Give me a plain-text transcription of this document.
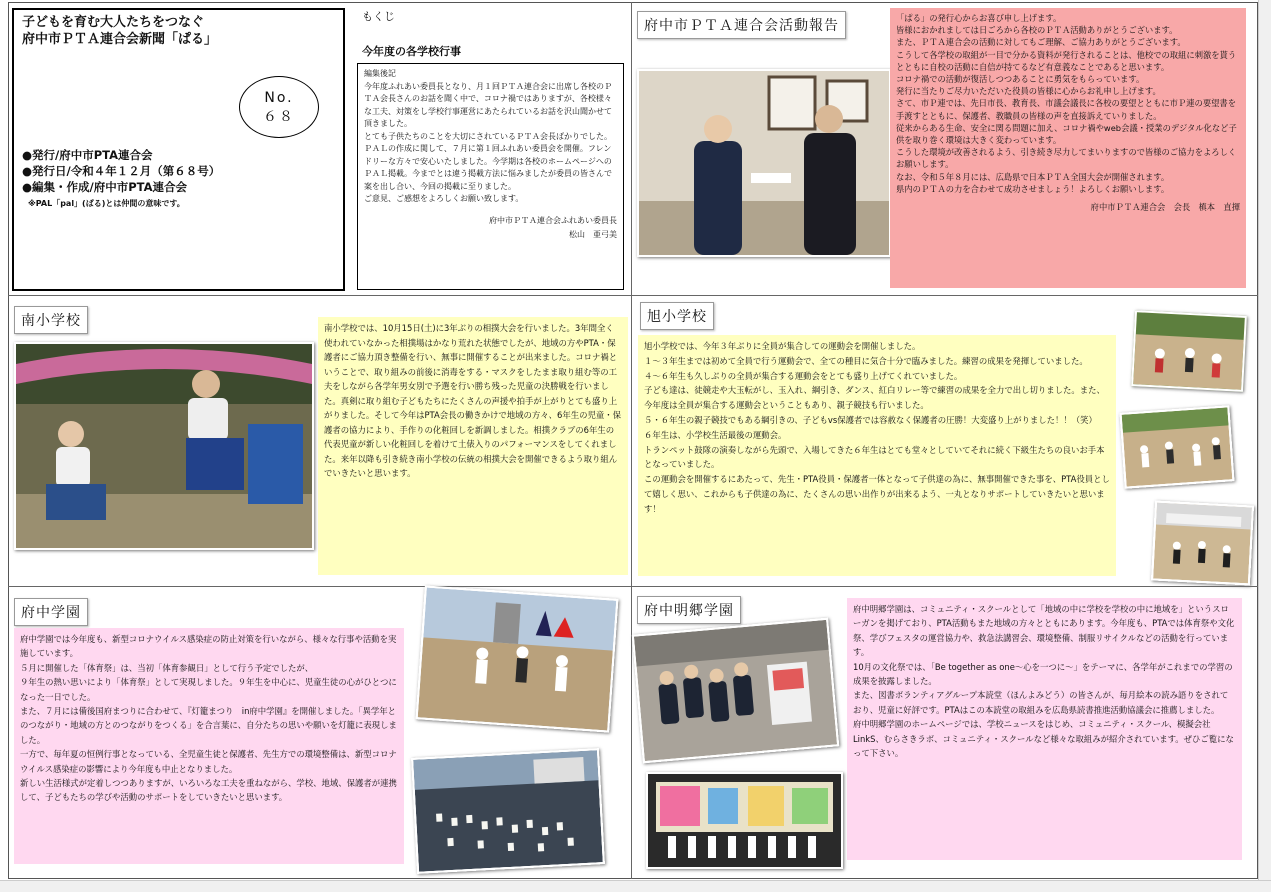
子どもを育む大人たちをつなぐ
府中市ＰＴＡ連合会新聞「ぱる」
No.
６８
●発行/府中市PTA連合会
●発行日/令和４年１２月（第６８号）
●編集・作成/府中市PTA連合会
※PAL「pal」(ぱる)とは仲間の意味です。
もくじ
今年度の各学校行事
編集後記
今年度ふれあい委員長となり、月１回ＰＴＡ連合会に出席し各校のＰＴＡ会長さんのお話を聞く中で、コロナ禍ではありますが、各校様々な工夫、対策をし学校行事運営にあたられているお話を沢山聞かせて頂きました。
とても子供たちのことを大切にされているＰＴＡ会長ばかりでした。
ＰＡＬの作成に関して、７月に第１回ふれあい委員会を開催。フレンドリーな方々で安心いたしました。今学期は各校のホームページへのＰＡＬ掲載。今までとは違う掲載方法に悩みましたが委員の皆さんで案を出し合い、今回の掲載に至りました。
ご意見、ご感想をよろしくお願い致します。
府中市ＰＴＡ連合会ふれあい委員長
松山　亜弓美
府中市ＰＴＡ連合会活動報告	「ぱる」の発行心からお喜び申し上げます。
皆様におかれましては日ごろから各校のＰＴＡ活動ありがとうございます。
また、ＰＴＡ連合会の活動に対してもご理解、ご協力ありがとうございます。
こうして各学校の取組が一目で分かる資料が発行されることは、他校での取組に刺激を貰うとともに自校の活動に自信が持てるなど有意義なことであると思います。
コロナ禍での活動が復活しつつあることに勇気をもらっています。
発行に当たりご尽力いただいた役員の皆様に心からお礼申し上げます。
さて、市Ｐ連では、先日市長、教育長、市議会議長に各校の要望とともに市Ｐ連の要望書を手渡すとともに、保護者、教職員の皆様の声を直接訴えていりました。
従来からある生命、安全に関る問題に加え、コロナ禍やweb会議・授業のデジタル化など子供を取り巻く環境は大きく変わっています。
こうした環境が改善されるよう、引き続き尽力してまいりますので皆様のご協力をよろしくお願いします。
なお、令和５年８月には、広島県で日本ＰＴＡ全国大会が開催されます。
県内のＰＴＡの力を合わせて成功させましょう！よろしくお願いします。
府中市ＰＴＡ連合会　会長　槙本　直揮
南小学校	南小学校では、10月15日(土)に3年ぶりの相撲大会を行いました。3年間全く使われていなかった相撲場はかなり荒れた状態でしたが、地域の方やPTA・保護者にご協力頂き整備を行い、無事に開催することが出来ました。コロナ禍ということで、取り組みの前後に消毒をする・マスクをしたまま取り組む等の工夫をしながら各学年男女別で予選を行い勝ち残った児童の決勝戦を行いました。真剣に取り組む子どもたちにたくさんの声援や拍手が上がりとても盛り上がりました。そして今年はPTA会長の働きかけで地域の方々、6年生の児童・保護者の協力により、手作りの化粧回しを新調しました。相撲クラブの6年生の代表児童が新しい化粧回しを着けて土俵入りのパフォーマンスをしてくれました。来年以降も引き続き南小学校の伝統の相撲大会を開催できるよう取り組んでいきたいと思います。
旭小学校
旭小学校では、今年３年ぶりに全員が集合しての運動会を開催しました。
１～３年生までは初めて全員で行う運動会で、全ての種目に気合十分で臨みました。練習の成果を発揮していました。
４～６年生も久しぶりの全員が集合する運動会をとても盛り上げてくれていました。
子ども達は、徒競走や大玉転がし、玉入れ、綱引き、ダンス、紅白リレー等で練習の成果を全力で出し切りました。また、今年度は全員が集合する運動会ということもあり、親子競技も行いました。
５・６年生の親子競技でもある綱引きの、子どもvs保護者では容赦なく保護者の圧勝！大変盛り上がりました！！（笑）
６年生は、小学校生活最後の運動会。
トランペット鼓隊の演奏しながら先頭で、入場してきた６年生はとても堂々としていてそれに続く下級生たちの良いお手本となっていました。
この運動会を開催するにあたって、先生・PTA役員・保護者一体となって子供達の為に、無事開催できた事を、PTA役員として嬉しく思い、これからも子供達の為に、たくさんの思い出作りが出来るよう、一丸となりサポートしていきたいと思います！
府中学園
府中学園では今年度も、新型コロナウイルス感染症の防止対策を行いながら、様々な行事や活動を実施しています。
５月に開催した「体育祭」は、当初「体育参観日」として行う予定でしたが、
９年生の熱い思いにより「体育祭」として実現しました。９年生を中心に、児童生徒の心がひとつになった一日でした。
また、７月には備後国府まつりに合わせて、『灯籠まつり　in府中学園』を開催しました。「異学年とのつながり・地域の方とのつながりをつくる」を合言葉に、自分たちの思いや願いを灯籠に表現しました。
一方で、毎年夏の恒例行事となっている、全児童生徒と保護者、先生方での環境整備は、新型コロナウイルス感染症の影響により今年度も中止となりました。
新しい生活様式が定着しつつありますが、いろいろな工夫を重ねながら、学校、地域、保護者が連携して、子どもたちの学びや活動のサポートをしていきたいと思います。
府中明郷学園	府中明郷学園は、コミュニティ・スクールとして「地域の中に学校を学校の中に地域を」というスローガンを掲げており、PTA活動もまた地域の方々とともにあります。今年度も、PTAでは体育祭や文化祭、学びフェスタの運営協力や、救急法講習会、環境整備、制服リサイクルなどの活動を行っています。
10月の文化祭では、「Be together as one～心を一つに～」をテーマに、各学年がこれまでの学習の成果を披露しました。
また、図書ボランティアグループ本読堂（ほんよみどう）の皆さんが、毎月絵本の読み語りをされており、児童に好評です。PTAはこの本読堂の取組みを広島県読書推進活動協議会に推薦しました。
府中明郷学園のホームページでは、学校ニュースをはじめ、コミュニティ・スクール、模擬会社LinkS、むらさきラボ、コミュニティ・スクールなど様々な取組みが紹介されています。ぜひご覧になって下さい。
